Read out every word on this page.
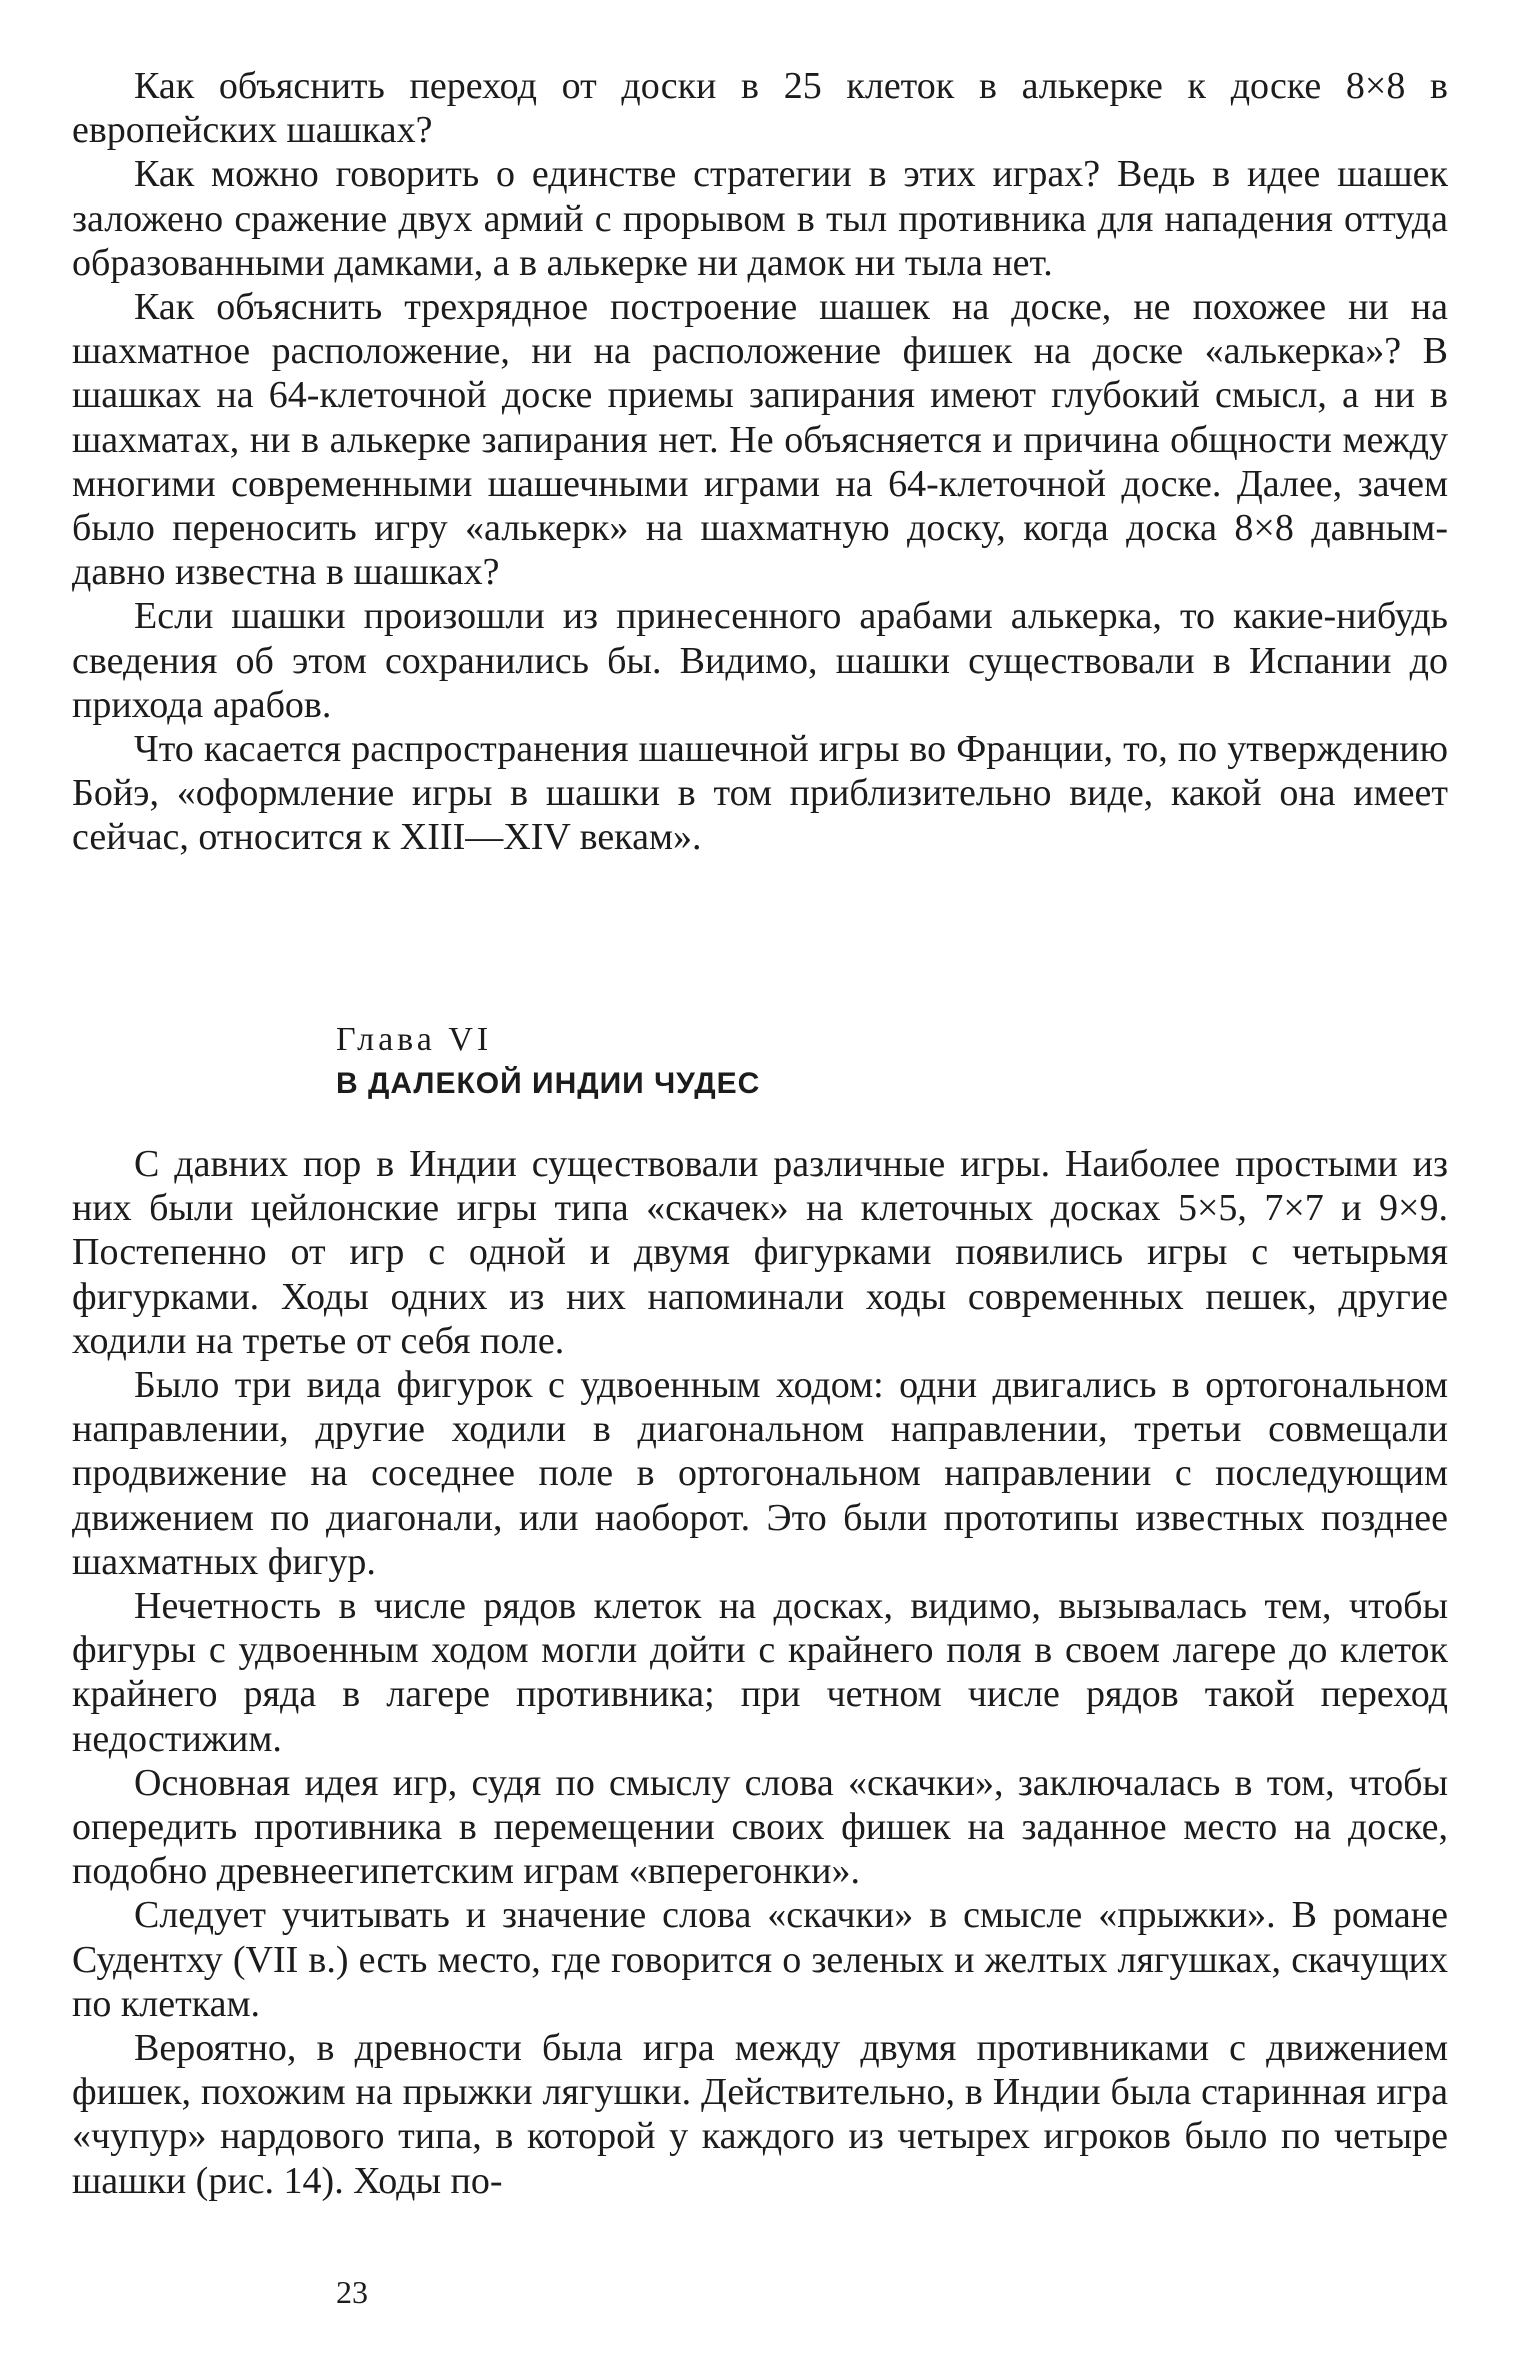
Как объяснить переход от доски в 25 клеток в алькерке к доске 8×8 в европейских шашках?

Как можно говорить о единстве стратегии в этих играх? Ведь в идее шашек заложено сражение двух армий с прорывом в тыл противника для нападения оттуда образованными дамками, а в алькерке ни дамок ни тыла нет.

Как объяснить трехрядное построение шашек на доске, не похожее ни на шахматное расположение, ни на расположение фишек на доске «алькерка»? В шашках на 64-клеточной доске приемы запирания имеют глубокий смысл, а ни в шахматах, ни в алькерке запирания нет. Не объясняется и причина общности между многими современными шашечными играми на 64-клеточной доске. Далее, зачем было переносить игру «алькерк» на шахматную доску, когда доска 8×8 давным-давно известна в шашках?

Если шашки произошли из принесенного арабами алькерка, то какие-нибудь сведения об этом сохранились бы. Видимо, шашки существовали в Испании до прихода арабов.

Что касается распространения шашечной игры во Франции, то, по утверждению Бойэ, «оформление игры в шашки в том приблизительно виде, какой она имеет сейчас, относится к XIII—XIV векам».

Глава VI
В ДАЛЕКОЙ ИНДИИ ЧУДЕС

С давних пор в Индии существовали различные игры. Наиболее простыми из них были цейлонские игры типа «скачек» на клеточных досках 5×5, 7×7 и 9×9. Постепенно от игр с одной и двумя фигурками появились игры с четырьмя фигурками. Ходы одних из них напоминали ходы современных пешек, другие ходили на третье от себя поле.

Было три вида фигурок с удвоенным ходом: одни двигались в ортогональном направлении, другие ходили в диагональном направлении, третьи совмещали продвижение на соседнее поле в ортогональном направлении с последующим движением по диагонали, или наоборот. Это были прототипы известных позднее шахматных фигур.

Нечетность в числе рядов клеток на досках, видимо, вызывалась тем, чтобы фигуры с удвоенным ходом могли дойти с крайнего поля в своем лагере до клеток крайнего ряда в лагере противника; при четном числе рядов такой переход недостижим.

Основная идея игр, судя по смыслу слова «скачки», заключалась в том, чтобы опередить противника в перемещении своих фишек на заданное место на доске, подобно древнеегипетским играм «вперегонки».

Следует учитывать и значение слова «скачки» в смысле «прыжки». В романе Судентху (VII в.) есть место, где говорится о зеленых и желтых лягушках, скачущих по клеткам.

Вероятно, в древности была игра между двумя противниками с движением фишек, похожим на прыжки лягушки. Действительно, в Индии была старинная игра «чупур» нардового типа, в которой у каждого из четырех игроков было по четыре шашки (рис. 14). Ходы по-

23
